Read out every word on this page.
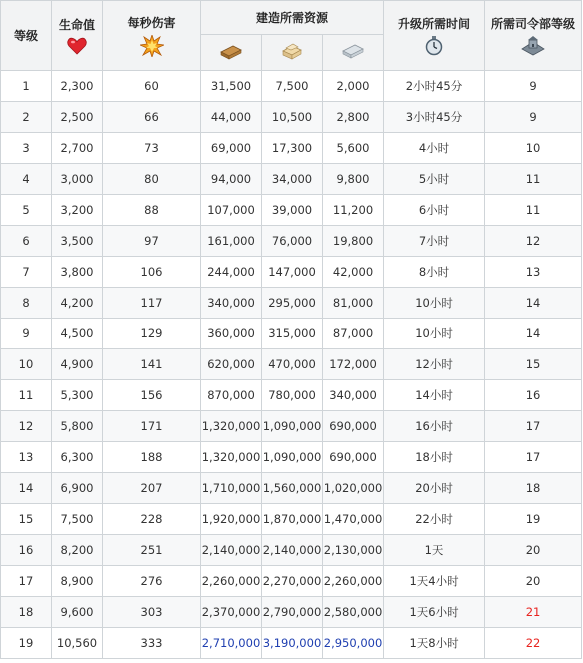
等级	生命值	每秒伤害	建造所需资源			升级所需时间	所需司令部等级

1	2,300	60	31,500	7,500	2,000	2小时45分	9
2	2,500	66	44,000	10,500	2,800	3小时45分	9
3	2,700	73	69,000	17,300	5,600	4小时	10
4	3,000	80	94,000	34,000	9,800	5小时	11
5	3,200	88	107,000	39,000	11,200	6小时	11
6	3,500	97	161,000	76,000	19,800	7小时	12
7	3,800	106	244,000	147,000	42,000	8小时	13
8	4,200	117	340,000	295,000	81,000	10小时	14
9	4,500	129	360,000	315,000	87,000	10小时	14
10	4,900	141	620,000	470,000	172,000	12小时	15
11	5,300	156	870,000	780,000	340,000	14小时	16
12	5,800	171	1,320,000	1,090,000	690,000	16小时	17
13	6,300	188	1,320,000	1,090,000	690,000	18小时	17
14	6,900	207	1,710,000	1,560,000	1,020,000	20小时	18
15	7,500	228	1,920,000	1,870,000	1,470,000	22小时	19
16	8,200	251	2,140,000	2,140,000	2,130,000	1天	20
17	8,900	276	2,260,000	2,270,000	2,260,000	1天4小时	20
18	9,600	303	2,370,000	2,790,000	2,580,000	1天6小时	21
19	10,560	333	2,710,000	3,190,000	2,950,000	1天8小时	22
